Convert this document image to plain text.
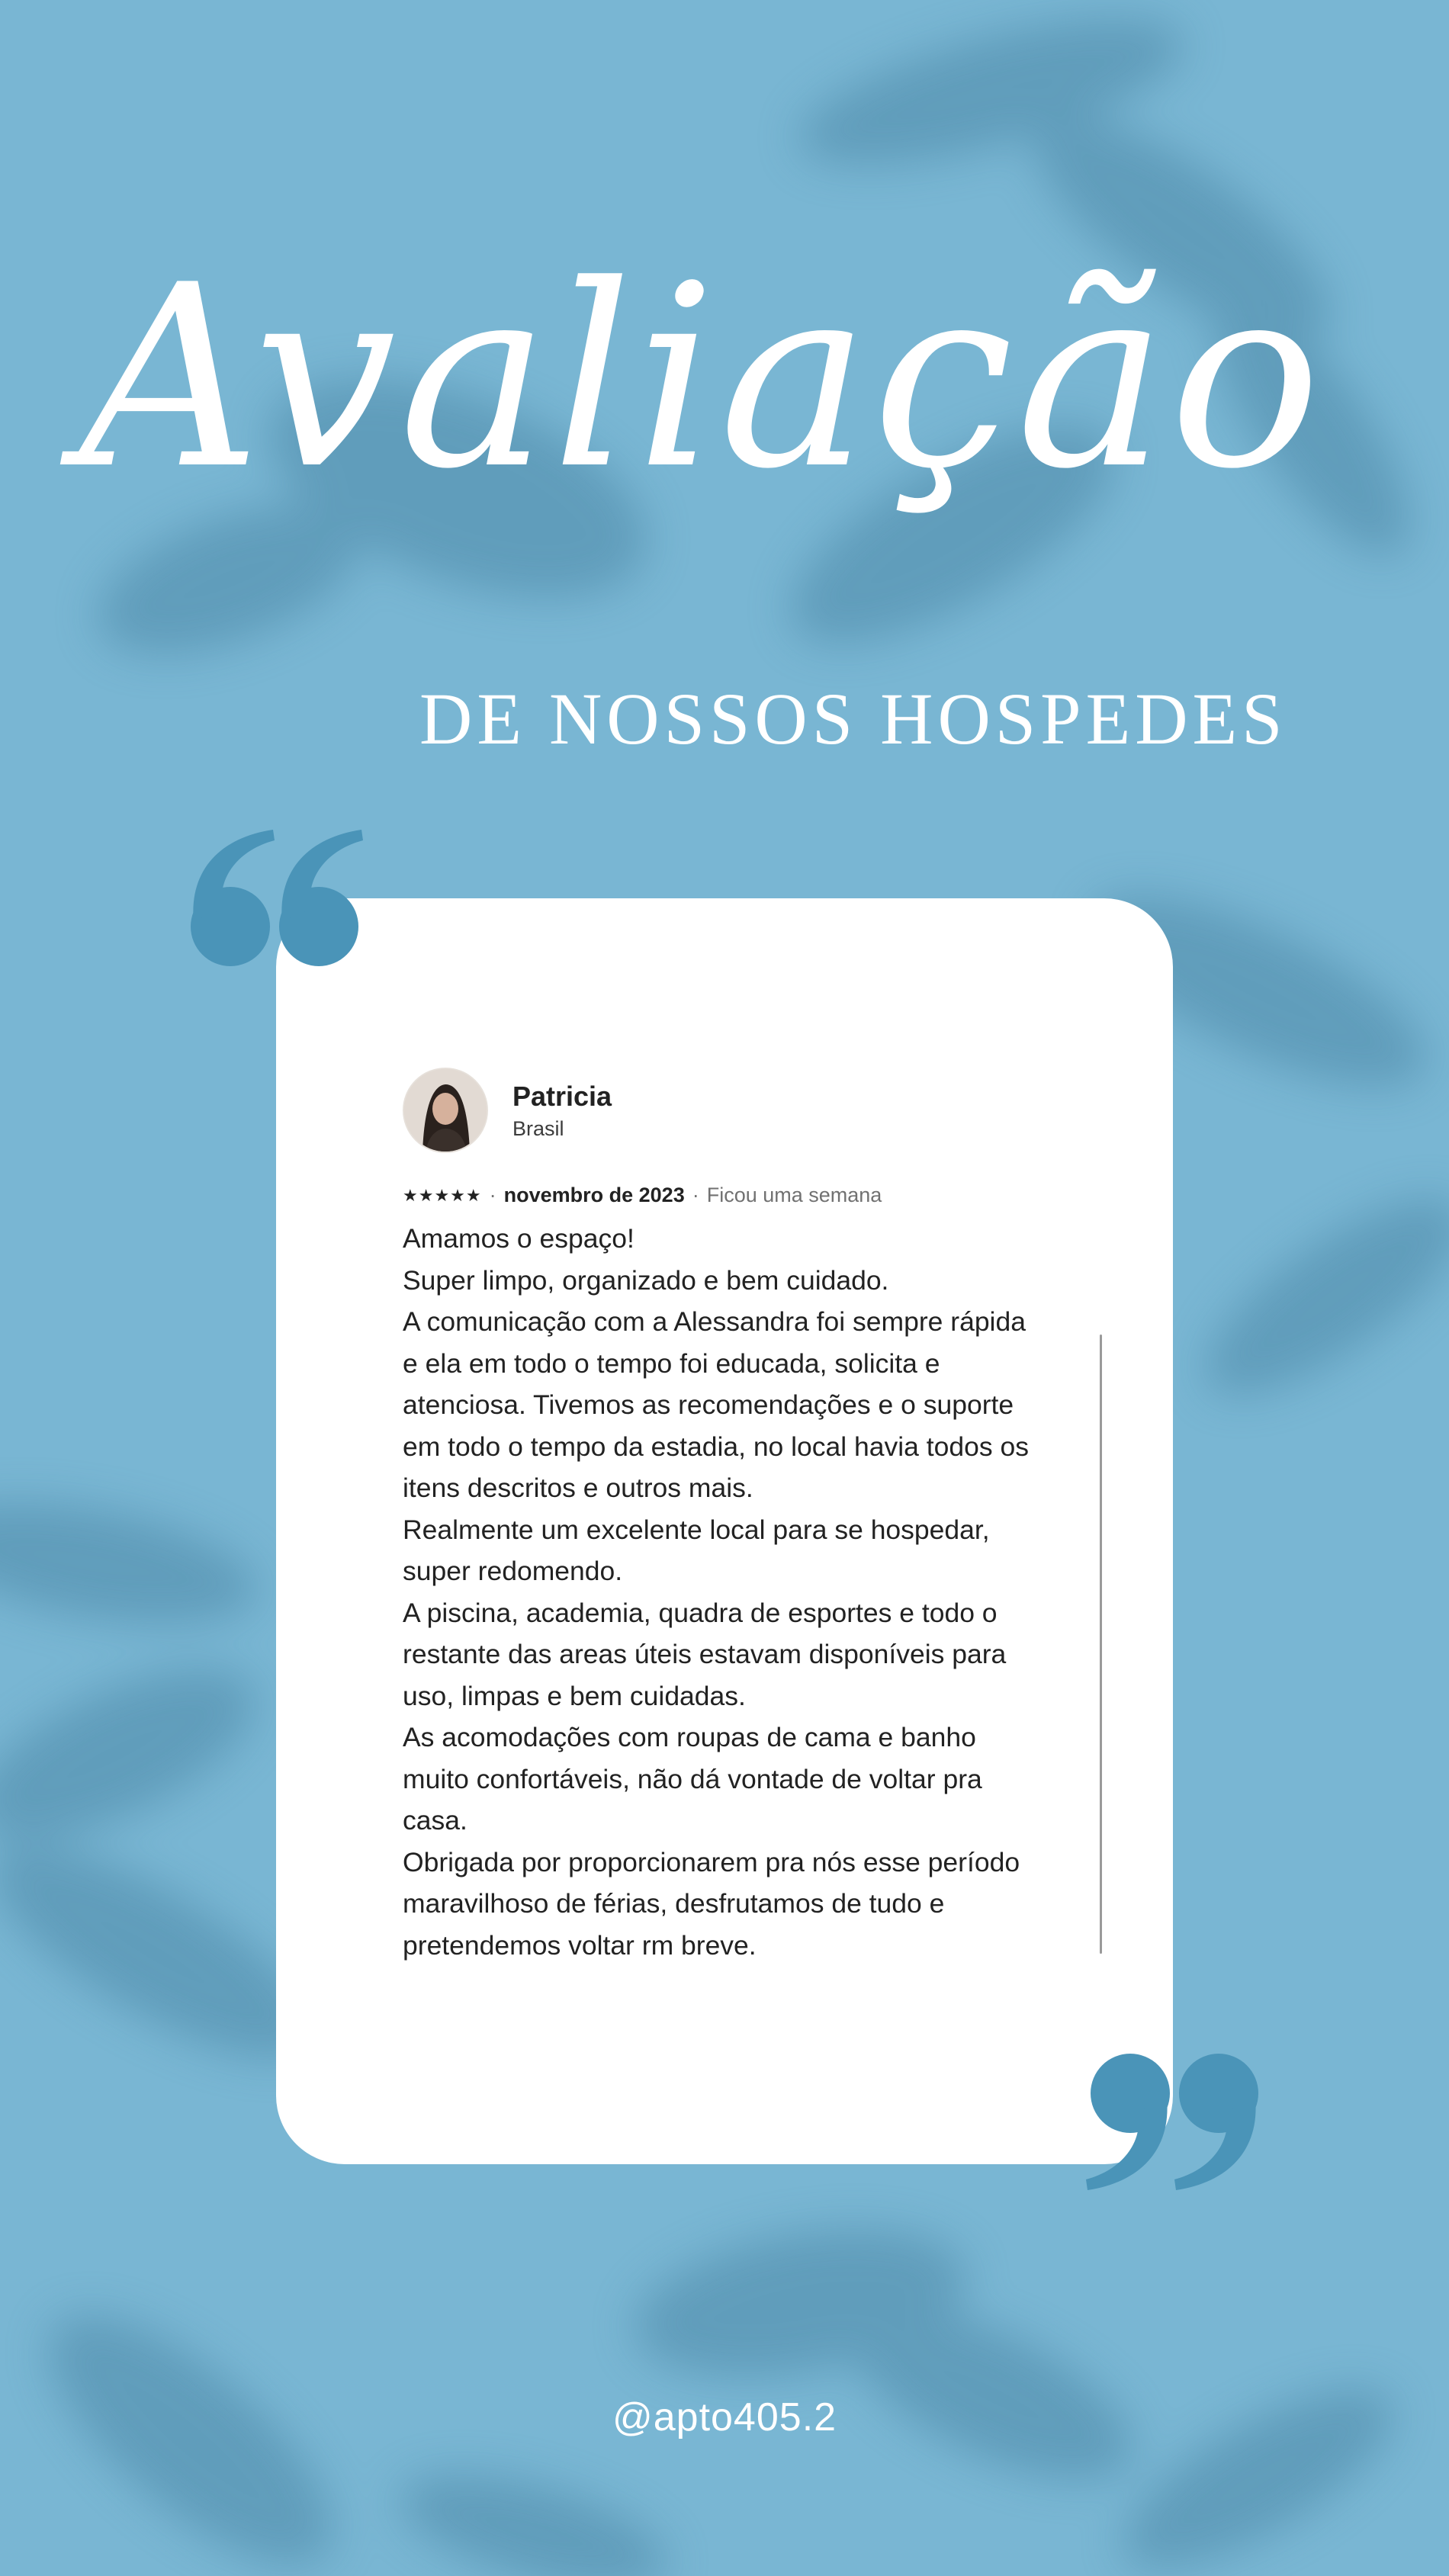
Avaliação
DE NOSSOS HOSPEDES
Patricia
Brasil
★★★★★ · novembro de 2023 · Ficou uma semana

Amamos o espaço!

Super limpo, organizado e bem cuidado.

A comunicação com a Alessandra foi sempre rápida

e ela em todo o tempo foi educada, solicita e

atenciosa. Tivemos as recomendações e o suporte

em todo o tempo da estadia, no local havia todos os

itens descritos e outros mais.

Realmente um excelente local para se hospedar,

super redomendo.

A piscina, academia, quadra de esportes e todo o

restante das areas úteis estavam disponíveis para

uso, limpas e bem cuidadas.

As acomodações com roupas de cama e banho

muito confortáveis, não dá vontade de voltar pra

casa.

Obrigada por proporcionarem pra nós esse período

maravilhoso de férias, desfrutamos de tudo e

pretendemos voltar rm breve.

@apto405.2
